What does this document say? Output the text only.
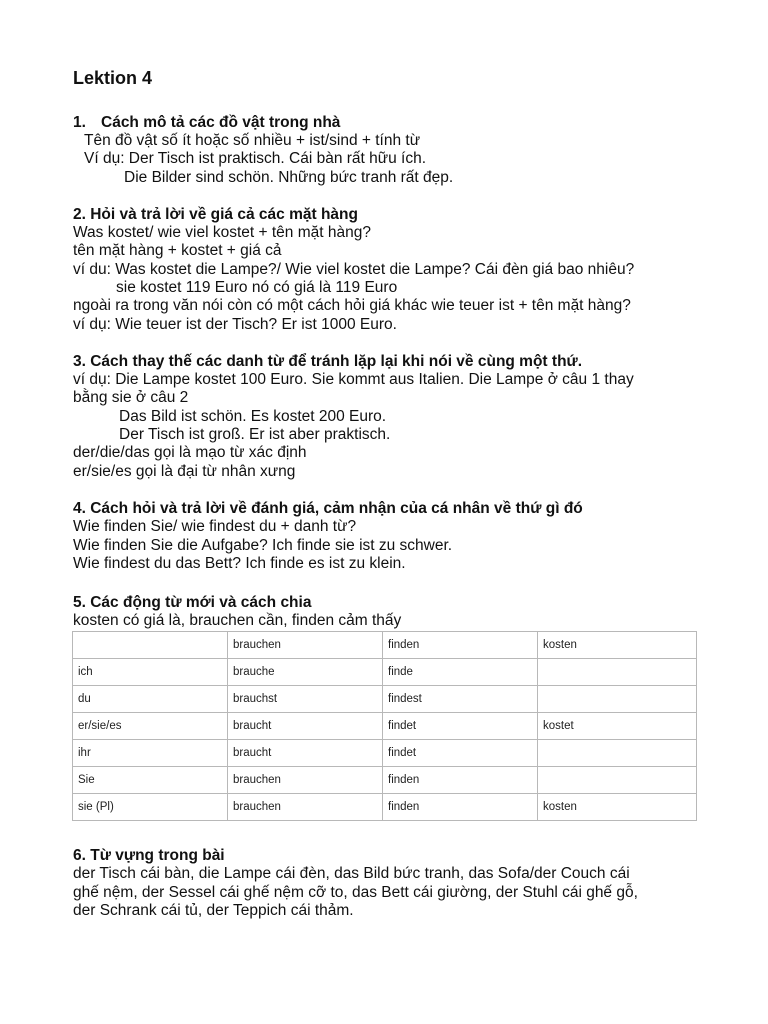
Lektion 4
1. Cách mô tả các đồ vật trong nhà
Tên đồ vật số ít hoặc số nhiều + ist/sind + tính từ
Ví dụ: Der Tisch ist praktisch. Cái bàn rất hữu ích.
Die Bilder sind schön. Những bức tranh rất đẹp.
2. Hỏi và trả lời về giá cả các mặt hàng
Was kostet/ wie viel kostet + tên mặt hàng?
tên mặt hàng + kostet + giá cả
ví du: Was kostet die Lampe?/ Wie viel kostet die Lampe? Cái đèn giá bao nhiêu?
sie kostet 119 Euro nó có giá là 119 Euro
ngoài ra trong văn nói còn có một cách hỏi giá khác wie teuer ist + tên mặt hàng?
ví dụ: Wie teuer ist der Tisch? Er ist 1000 Euro.
3. Cách thay thế các danh từ để tránh lặp lại khi nói về cùng một thứ.
ví dụ: Die Lampe kostet 100 Euro. Sie kommt aus Italien. Die Lampe ở câu 1 thay
bằng sie ở câu 2
Das Bild ist schön. Es kostet 200 Euro.
Der Tisch ist groß. Er ist aber praktisch.
der/die/das gọi là mạo từ xác định
er/sie/es gọi là đại từ nhân xưng
4. Cách hỏi và trả lời về đánh giá, cảm nhận của cá nhân về thứ gì đó
Wie finden Sie/ wie findest du + danh từ?
Wie finden Sie die Aufgabe? Ich finde sie ist zu schwer.
Wie findest du das Bett? Ich finde es ist zu klein.
5. Các động từ mới và cách chia
kosten có giá là, brauchen cần, finden cảm thấy
	brauchen	finden	kosten
ich	brauche	finde	
du	brauchst	findest	
er/sie/es	braucht	findet	kostet
ihr	braucht	findet	
Sie	brauchen	finden	
sie (Pl)	brauchen	finden	kosten
6. Từ vựng trong bài
der Tisch cái bàn, die Lampe cái đèn, das Bild bức tranh, das Sofa/der Couch cái
ghế nệm, der Sessel cái ghế nệm cỡ to, das Bett cái giường, der Stuhl cái ghế gỗ,
der Schrank cái tủ, der Teppich cái thảm.
